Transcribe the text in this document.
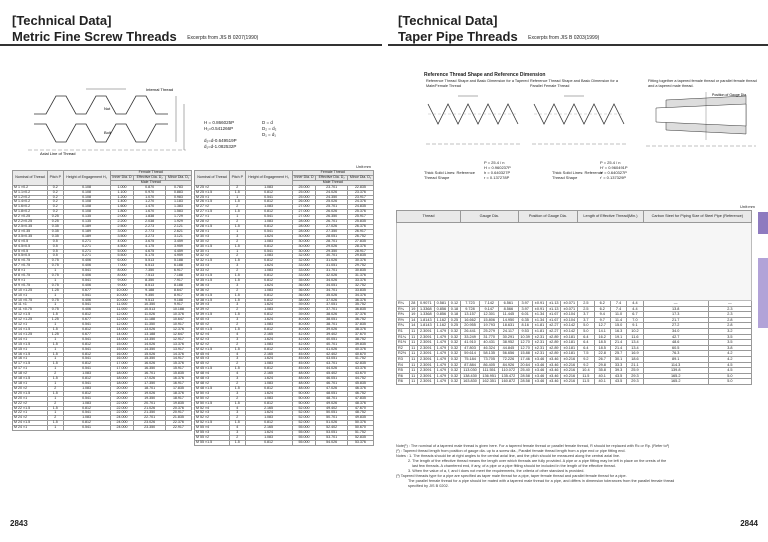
[Technical Data]
Metric Fine Screw Threads Excerpts from JIS B 0207(1990)
[Technical Data]
Taper Pipe Threads Excerpts from JIS B 0203(1999)
Internal Thread
Nut
Bolt
Axial Line of Thread
H = 0.866025P
H₁=0.541266P
d₂=d-0.649519P
d₁=d-1.082532P
D = d
D₂ = d₂
D₁ = d₁
Unit:mm
Nominal of Thread	Pitch P	Height of Engagement H₁	Female Thread		
			Inner Dia. D	Effective Dia. D₂	Minor Dia. D₁
			Male Thread		
M 1 ×0.2	0.2	0.108	1.000	0.870	0.783
M 1.1×0.2	0.2	0.108	1.100	0.970	0.883
M 1.2×0.2	0.2	0.108	1.200	1.070	0.983
M 1.4×0.2	0.2	0.108	1.400	1.270	1.183
M 1.6×0.2	0.2	0.108	1.600	1.470	1.383
M 1.8×0.2	0.2	0.108	1.800	1.670	1.583
M 2 ×0.25	0.25	0.135	2.000	1.838	1.729
M 2.2×0.25	0.25	0.135	2.200	2.038	1.929
M 2.5×0.35	0.35	0.189	2.500	2.273	2.121
M 3 ×0.35	0.35	0.189	3.000	2.773	2.621
M 3.5×0.35	0.35	0.189	3.500	3.273	3.121
M 4 ×0.5	0.5	0.271	4.000	3.675	3.459
M 4.5×0.5	0.5	0.271	4.500	4.175	3.959
M 5 ×0.5	0.5	0.271	5.000	4.675	4.459
M 5.5×0.5	0.5	0.271	5.500	5.175	4.959
M 6 ×0.75	0.75	0.406	6.000	5.513	5.188
M 7 ×0.75	0.75	0.406	7.000	6.513	6.188
M 8 ×1	1	0.541	8.000	7.350	6.917
M 8 ×0.75	0.75	0.406	8.000	7.513	7.188
M 9 ×1	1	0.541	9.000	8.350	7.917
M 9 ×0.75	0.75	0.406	9.000	8.513	8.188
M 10 ×1.25	1.25	0.677	10.000	9.188	8.647
M 10 ×1	1	0.541	10.000	9.350	8.917
M 10 ×0.75	0.75	0.406	10.000	9.513	9.188
M 11 ×1	1	0.541	11.000	10.350	9.917
M 11 ×0.75	0.75	0.406	11.000	10.513	10.188
M 12 ×1.5	1.5	0.812	12.000	11.026	10.376
M 12 ×1.25	1.25	0.677	12.000	11.188	10.647
M 12 ×1	1	0.541	12.000	11.350	10.917
M 14 ×1.5	1.5	0.812	14.000	13.026	12.376
M 14 ×1.25	1.25	0.677	14.000	13.188	12.647
M 14 ×1	1	0.541	14.000	13.350	12.917
M 15 ×1.5	1.5	0.812	15.000	14.026	13.376
M 15 ×1	1	0.541	15.000	14.350	13.917
M 16 ×1.5	1.5	0.812	16.000	15.026	14.376
M 16 ×1	1	0.541	16.000	15.350	14.917
M 17 ×1.5	1.5	0.812	17.000	16.026	15.376
M 17 ×1	1	0.541	17.000	16.350	15.917
M 18 ×2	2	1.083	18.000	16.701	15.835
M 18 ×1.5	1.5	0.812	18.000	17.026	16.376
M 18 ×1	1	0.541	18.000	17.350	16.917
M 20 ×2	2	1.083	20.000	18.701	17.835
M 20 ×1.5	1.5	0.812	20.000	19.026	18.376
M 20 ×1	1	0.541	20.000	19.350	18.917
M 22 ×2	2	1.083	22.000	20.701	19.835
M 22 ×1.5	1.5	0.812	22.000	21.026	20.376
M 22 ×1	1	0.541	22.000	21.350	20.917
M 24 ×2	2	1.083	24.000	22.701	21.835
M 24 ×1.5	1.5	0.812	24.000	23.026	22.376
M 24 ×1	1	0.541	24.000	23.350	22.917
Nominal of Thread	Pitch P	Height of Engagement H₁	Female Thread		
			Inner Dia. D	Effective Dia. D₂	Minor Dia. D₁
			Male Thread		
M 25 ×2	2	1.083	25.000	23.701	22.835
M 25 ×1.5	1.5	0.812	25.000	24.026	23.376
M 25 ×1	1	0.541	25.000	24.350	23.917
M 26 ×1.5	1.5	0.812	26.000	25.026	24.376
M 27 ×2	2	1.083	27.000	25.701	24.835
M 27 ×1.5	1.5	0.812	27.000	26.026	25.376
M 27 ×1	1	0.541	27.000	26.350	25.917
M 28 ×2	2	1.083	28.000	26.701	25.835
M 28 ×1.5	1.5	0.812	28.000	27.026	26.376
M 28 ×1	1	0.541	28.000	27.350	26.917
M 30 ×3	3	1.624	30.000	28.051	26.752
M 30 ×2	2	1.083	30.000	28.701	27.835
M 30 ×1.5	1.5	0.812	30.000	29.026	28.376
M 30 ×1	1	0.541	30.000	29.350	28.917
M 32 ×2	2	1.083	32.000	30.701	29.835
M 32 ×1.5	1.5	0.812	32.000	31.026	30.376
M 33 ×3	3	1.624	33.000	31.051	29.752
M 33 ×2	2	1.083	33.000	31.701	30.835
M 33 ×1.5	1.5	0.812	33.000	32.026	31.376
M 35 ×1.5	1.5	0.812	35.000	34.026	33.376
M 36 ×3	3	1.624	36.000	34.051	32.752
M 36 ×2	2	1.083	36.000	34.701	33.835
M 36 ×1.5	1.5	0.812	36.000	35.026	34.376
M 38 ×1.5	1.5	0.812	38.000	37.026	36.376
M 39 ×3	3	1.624	39.000	37.051	35.752
M 39 ×2	2	1.083	39.000	37.701	36.835
M 39 ×1.5	1.5	0.812	39.000	38.026	37.376
M 40 ×3	3	1.624	40.000	38.051	36.752
M 40 ×2	2	1.083	40.000	38.701	37.835
M 40 ×1.5	1.5	0.812	40.000	39.026	38.376
M 42 ×4	4	2.165	42.000	39.402	37.670
M 42 ×3	3	1.624	42.000	40.051	38.752
M 42 ×2	2	1.083	42.000	40.701	39.835
M 42 ×1.5	1.5	0.812	42.000	41.026	40.376
M 45 ×4	4	2.165	45.000	42.402	40.670
M 45 ×3	3	1.624	45.000	43.051	41.752
M 45 ×2	2	1.083	45.000	43.701	42.835
M 45 ×1.5	1.5	0.812	45.000	44.026	43.376
M 48 ×4	4	2.165	48.000	45.402	43.670
M 48 ×3	3	1.624	48.000	46.051	44.752
M 48 ×2	2	1.083	48.000	46.701	45.835
M 48 ×1.5	1.5	0.812	48.000	47.026	46.376
M 50 ×3	3	1.624	50.000	48.051	46.752
M 50 ×2	2	1.083	50.000	48.701	47.835
M 50 ×1.5	1.5	0.812	50.000	49.026	48.376
M 52 ×4	4	2.165	52.000	49.402	47.670
M 52 ×3	3	1.624	52.000	50.051	48.752
M 52 ×2	2	1.083	52.000	50.701	49.835
M 52 ×1.5	1.5	0.812	52.000	51.026	50.376
M 55 ×4	4	2.165	55.000	52.402	50.670
M 55 ×3	3	1.624	55.000	53.051	51.752
M 55 ×2	2	1.083	55.000	53.701	52.835
M 55 ×1.5	1.5	0.812	55.000	54.026	53.376
2843
Reference Thread Shape and Reference Dimension
Reference Thread Shape and Basic Dimension for a Tapered Male/Female Thread
Reference Thread Shape and Basic Dimension for a Parallel Female Thread
Fitting together a tapered female thread or parallel female thread and a tapered male thread.
Position of Gauge Dia.
Thick Solid Lines: Reference Thread Shape
P = 25.4 / n
H = 0.960237P
h = 0.640327P
r = 0.137278P
Thick Solid Lines: Reference Thread Shape
P = 25.4 / n
H' = 0.960491P
h' = 0.640327P
r' = 0.137329P
Unit:mm
Thread					Gauge Dia.			Position of Gauge Dia.				Length of Effective Thread(Min.)				Carbon Steel for Piping Size of Steel Pipe (Reference)	

R¼	28	0.9071	0.581	0.12	7.723	7.142	6.561	3.97	±0.91	±1.13	±0.071	2.5	6.2	7.4	4.4	—	—
R¼	19	1.3368	0.856	0.18	9.728	9.147	8.566	3.97	±0.91	±1.13	±0.071	2.5	6.2	7.4	4.4	13.8	2.3
R⅜	19	1.3368	0.856	0.18	13.157	12.301	11.445	6.01	±1.34	±1.67	±0.104	3.7	9.4	11.0	6.7	17.3	2.3
R½	14	1.8143	1.162	0.25	16.662	15.806	14.950	6.35	±1.34	±1.67	±0.104	3.7	9.7	11.4	7.0	21.7	2.8
R¾	14	1.8143	1.162	0.25	20.955	19.793	18.631	8.16	±1.81	±2.27	±0.142	5.0	12.7	15.0	9.1	27.2	2.8
R1	11	2.3091	1.479	0.32	26.441	25.279	24.117	9.53	±1.81	±2.27	±0.142	5.0	14.1	16.3	10.2	34.0	3.2
R1¼	11	2.3091	1.479	0.32	33.249	31.770	30.291	10.39	±2.31	±2.89	±0.181	6.4	16.2	19.1	11.6	42.7	3.5
R1½	11	2.3091	1.479	0.32	41.910	40.431	38.952	12.70	±2.31	±2.89	±0.181	6.4	18.5	21.4	13.4	48.6	3.5
R2	11	2.3091	1.479	0.32	47.803	46.324	44.845	12.70	±2.31	±2.89	±0.181	6.4	18.5	21.4	13.4	60.5	3.8
R2½	11	2.3091	1.479	0.32	59.614	58.135	56.656	15.88	±2.31	±2.89	±0.181	7.5	22.8	25.7	16.9	76.3	4.2
R3	11	2.3091	1.479	0.32	75.184	73.705	72.226	17.46	±3.46	±3.46	±0.216	9.2	26.7	30.1	18.6	89.1	4.2
R4	11	2.3091	1.479	0.32	87.884	86.405	84.926	20.64	±3.46	±3.46	±0.216	9.2	29.8	33.3	21.1	114.3	4.5
R5	11	2.3091	1.479	0.32	113.030	111.551	110.072	25.40	±3.46	±3.46	±0.216	10.4	35.8	39.3	25.9	139.8	4.5
R6	11	2.3091	1.479	0.32	138.430	136.951	135.472	28.58	±3.46	±3.46	±0.216	11.5	40.1	43.5	29.3	165.2	5.0
R6	11	2.3091	1.479	0.32	163.830	162.351	160.872	28.58	±3.46	±3.46	±0.216	11.5	40.1	43.5	29.3	165.2	5.0
Note(¹) : The nominal of a tapered male thread is given here. For a tapered female thread or parallel female thread, R should be replaced with Rc or Rp. (Refer to²)
(²) : Tapered thread length from position of gauge dia. up to a screw dia., Parallel female thread length from a pipe end or pipe fitting end.
Notes : 1. The threads should be at right angles to the central axial line, and the pitch should be measured along the central axial line.
2. The length of the effective thread means the length over which threads are fully provided. A pipe or a pipe fitting may be left in place on the crests of the
last few threads. A chamfered end, if any, of a pipe or a pipe fitting should be included in the length of the effective thread.
3. When the value of a, f, and t does not meet the requirements, the criteria of other standard is provided.
(³) Tapered threads type for a pipe are specified as taper male thread for a pipe, taper female thread and parallel female thread for a pipe.
The parallel female thread for a pipe should be mated with a tapered male thread for a pipe, and differs in dimension tolerances from the parallel female thread
specified by JIS B 0202.
2844
